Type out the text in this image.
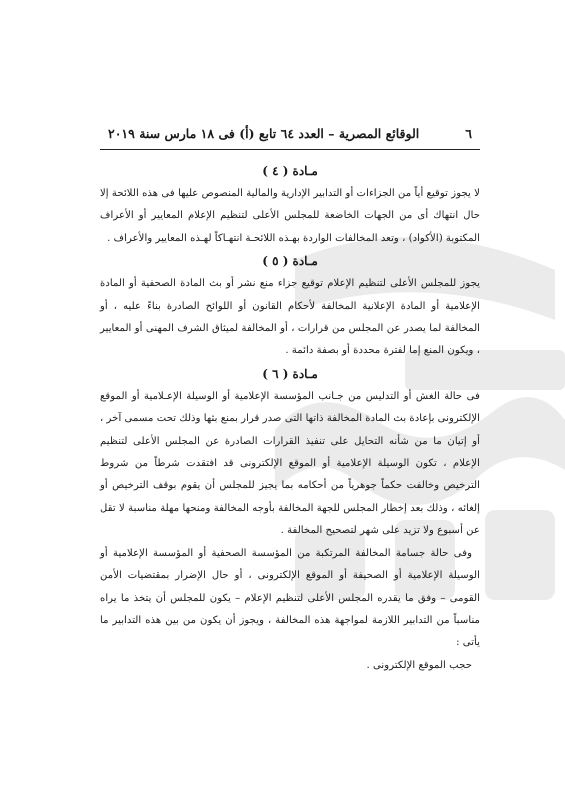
٦
الوقائع المصرية – العدد ٦٤ تابع (أ) فى ١٨ مارس سنة ٢٠١٩
مـادة ( ٤ )

لا يجوز توقيع أياً من الجزاءات أو التدابير الإدارية والمالية المنصوص عليها فى هذه اللائحة إلا حال انتهاك أى من الجهات الخاضعة للمجلس الأعلى لتنظيم الإعلام المعايير أو الأعراف المكتوبة (الأكواد) ، وتعد المخالفات الواردة بهـذه اللائحـة انتهـاكاً لهـذه المعايير والأعراف .

مـادة ( ٥ )

يجوز للمجلس الأعلى لتنظيم الإعلام توقيع جزاء منع نشر أو بث المادة الصحفية أو المادة الإعلامية أو المادة الإعلانية المخالفة لأحكام القانون أو اللوائح الصادرة بناءً عليه ، أو المخالفة لما يصدر عن المجلس من قرارات ، أو المخالفة لميثاق الشرف المهنى أو المعايير ، ويكون المنع إما لفترة محددة أو بصفة دائمة .

مـادة ( ٦ )

فى حالة الغش أو التدليس من جـانب المؤسسة الإعلامية أو الوسيلة الإعـلامية أو الموقع الإلكترونى بإعادة بث المادة المخالفة ذاتها التى صدر قرار بمنع بثها وذلك تحت مسمى آخر ، أو إتيان ما من شأنه التحايل على تنفيذ القرارات الصادرة عن المجلس الأعلى لتنظيم الإعلام ، تكون الوسيلة الإعلامية أو الموقع الإلكترونى قد افتقدت شرطاً من شروط الترخيص وخالفت حكماً جوهرياً من أحكامه بما يجيز للمجلس أن يقوم بوقف الترخيص أو إلغائه ، وذلك بعد إخطار المجلس للجهة المخالفة بأوجه المخالفة ومنحها مهلة مناسبة لا تقل عن أسبوع ولا تزيد على شهر لتصحيح المخالفة .

وفى حالة جسامة المخالفة المرتكبة من المؤسسة الصحفية أو المؤسسة الإعلامية أو الوسيلة الإعلامية أو الصحيفة أو الموقع الإلكترونى ، أو حال الإضرار بمقتضيات الأمن القومى – وفق ما يقدره المجلس الأعلى لتنظيم الإعلام – يكون للمجلس أن يتخذ ما يراه مناسباً من التدابير اللازمة لمواجهة هذه المخالفة ، ويجوز أن يكون من بين هذه التدابير ما يأتى :

حجب الموقع الإلكترونى .
